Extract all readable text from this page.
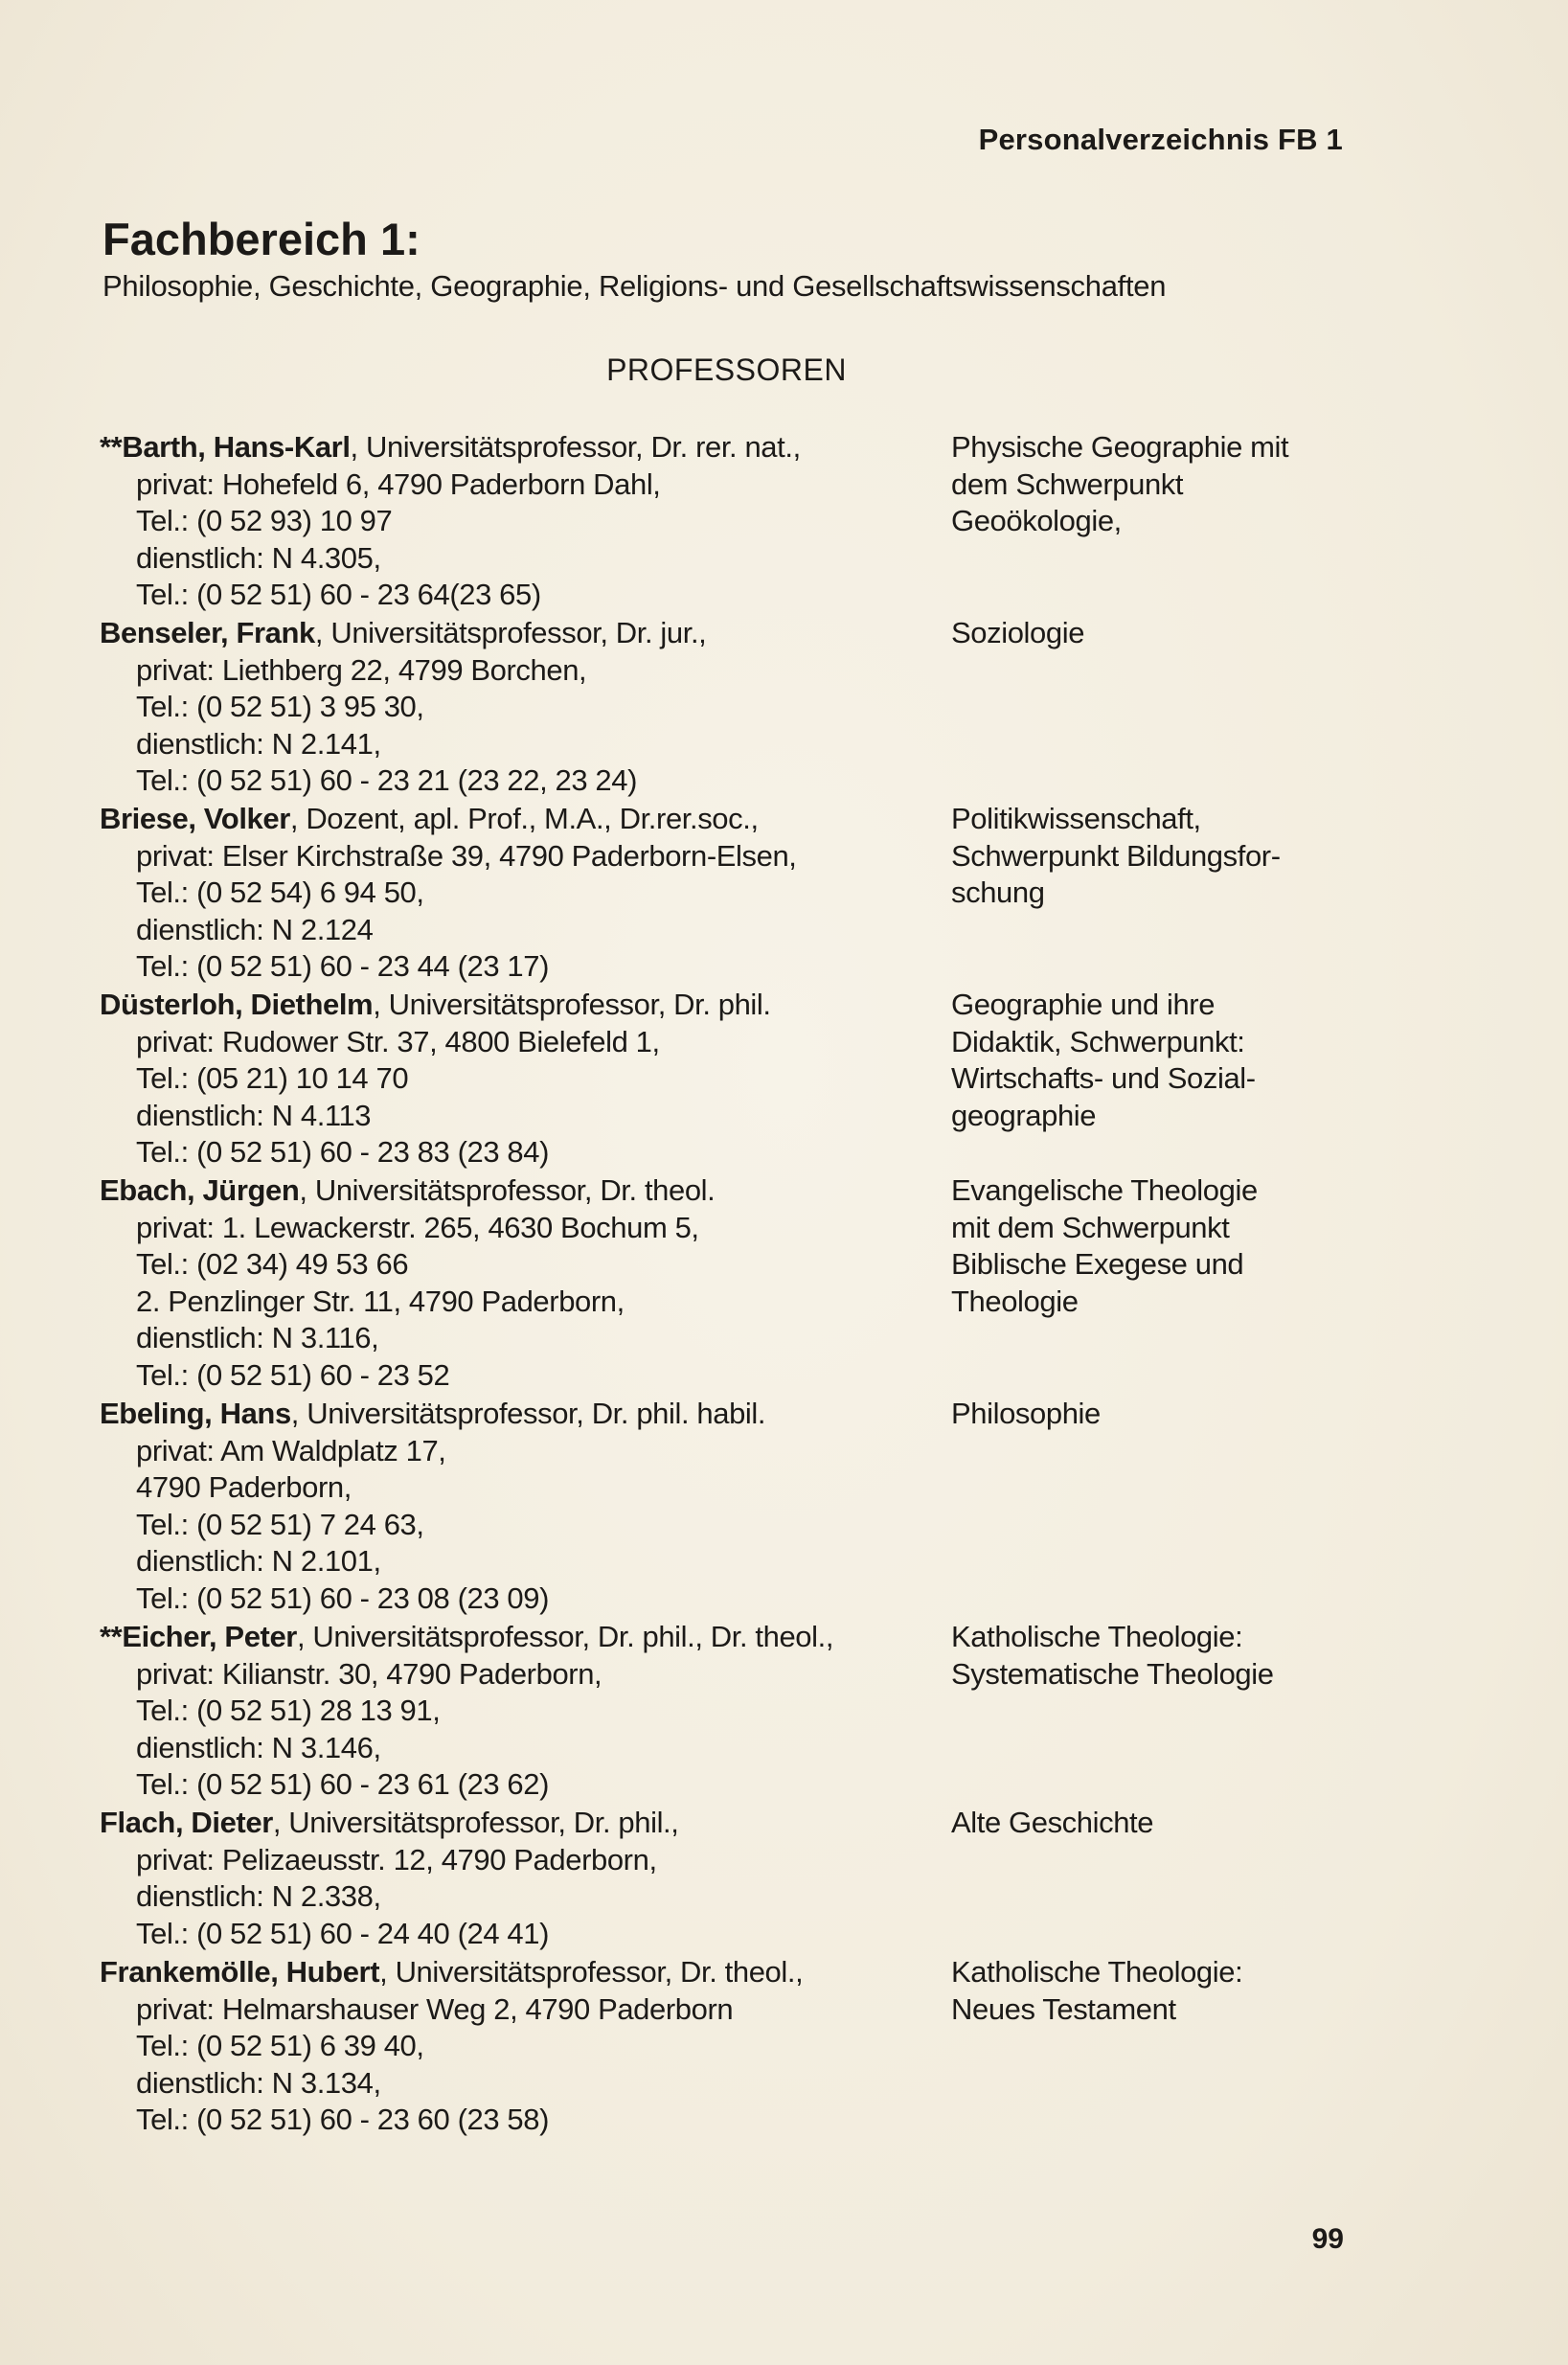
Personalverzeichnis FB 1
Fachbereich 1:
Philosophie, Geschichte, Geographie, Religions- und Gesellschaftswissenschaften
PROFESSOREN
**Barth, Hans-Karl, Universitätsprofessor, Dr. rer. nat.,
privat: Hohefeld 6, 4790 Paderborn Dahl,
Tel.: (0 52 93) 10 97
dienstlich: N 4.305,
Tel.: (0 52 51) 60 - 23 64(23 65)
Physische Geographie mit
dem Schwerpunkt
Geoökologie,
Benseler, Frank, Universitätsprofessor, Dr. jur.,
privat: Liethberg 22, 4799 Borchen,
Tel.: (0 52 51) 3 95 30,
dienstlich: N 2.141,
Tel.: (0 52 51) 60 - 23 21 (23 22, 23 24)
Soziologie
Briese, Volker, Dozent, apl. Prof., M.A., Dr.rer.soc.,
privat: Elser Kirchstraße 39, 4790 Paderborn-Elsen,
Tel.: (0 52 54) 6 94 50,
dienstlich: N 2.124
Tel.: (0 52 51) 60 - 23 44 (23 17)
Politikwissenschaft,
Schwerpunkt Bildungsfor-
schung
Düsterloh, Diethelm, Universitätsprofessor, Dr. phil.
privat: Rudower Str. 37, 4800 Bielefeld 1,
Tel.: (05 21) 10 14 70
dienstlich: N 4.113
Tel.: (0 52 51) 60 - 23 83 (23 84)
Geographie und ihre
Didaktik, Schwerpunkt:
Wirtschafts- und Sozial-
geographie
Ebach, Jürgen, Universitätsprofessor, Dr. theol.
privat: 1. Lewackerstr. 265, 4630 Bochum 5,
Tel.: (02 34) 49 53 66
2. Penzlinger Str. 11, 4790 Paderborn,
dienstlich: N 3.116,
Tel.: (0 52 51) 60 - 23 52
Evangelische Theologie
mit dem Schwerpunkt
Biblische Exegese und
Theologie
Ebeling, Hans, Universitätsprofessor, Dr. phil. habil.
privat: Am Waldplatz 17,
4790 Paderborn,
Tel.: (0 52 51) 7 24 63,
dienstlich: N 2.101,
Tel.: (0 52 51) 60 - 23 08 (23 09)
Philosophie
**Eicher, Peter, Universitätsprofessor, Dr. phil., Dr. theol.,
privat: Kilianstr. 30, 4790 Paderborn,
Tel.: (0 52 51) 28 13 91,
dienstlich: N 3.146,
Tel.: (0 52 51) 60 - 23 61 (23 62)
Katholische Theologie:
Systematische Theologie
Flach, Dieter, Universitätsprofessor, Dr. phil.,
privat: Pelizaeusstr. 12, 4790 Paderborn,
dienstlich: N 2.338,
Tel.: (0 52 51) 60 - 24 40 (24 41)
Alte Geschichte
Frankemölle, Hubert, Universitätsprofessor, Dr. theol.,
privat: Helmarshauser Weg 2, 4790 Paderborn
Tel.: (0 52 51) 6 39 40,
dienstlich: N 3.134,
Tel.: (0 52 51) 60 - 23 60 (23 58)
Katholische Theologie:
Neues Testament
99
